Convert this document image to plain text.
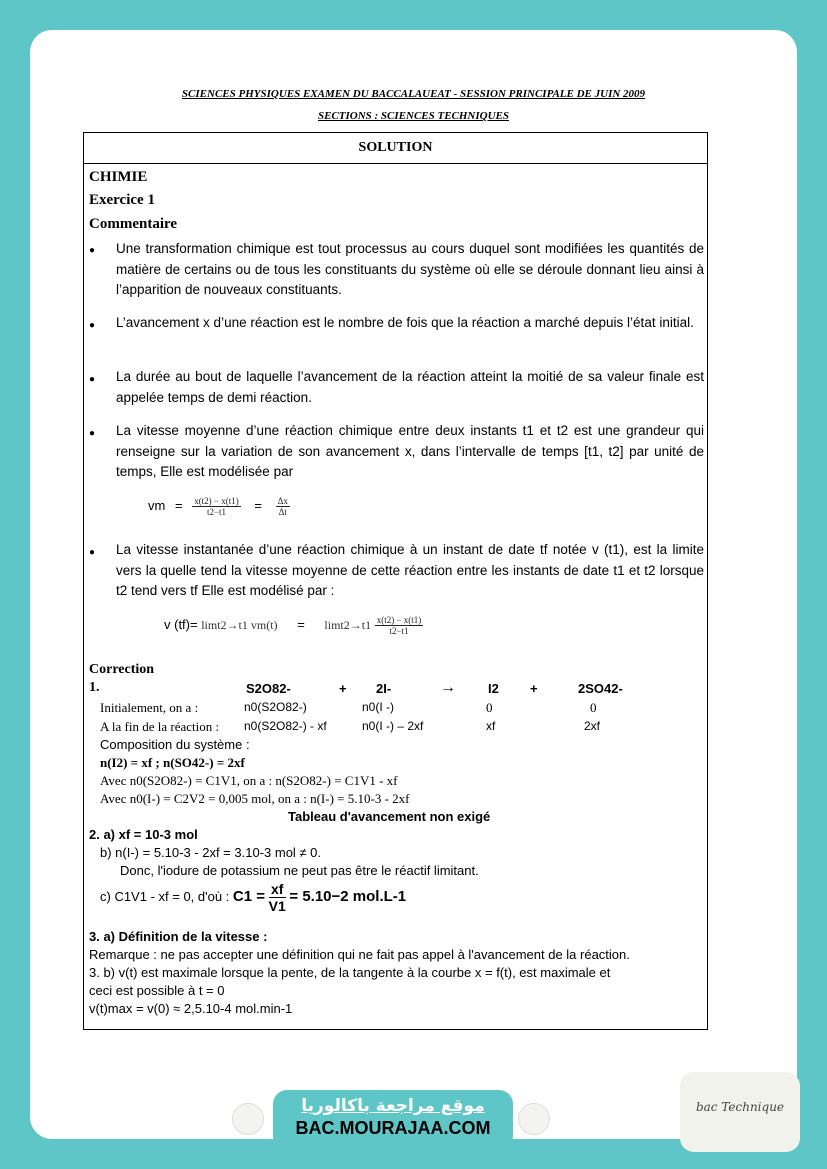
SCIENCES PHYSIQUES EXAMEN DU BACCALAUEAT - SESSION PRINCIPALE DE JUIN 2009
SECTIONS : SCIENCES TECHNIQUES
SOLUTION
CHIMIE
Exercice 1
Commentaire
● Une transformation chimique est tout processus au cours duquel sont modifiées les quantités de matière de certains ou de tous les constituants du système où elle se déroule donnant lieu ainsi à l’apparition de nouveaux constituants.
● L’avancement x d’une réaction est le nombre de fois que la réaction a marché depuis l’état initial.
● La durée au bout de laquelle l’avancement de la réaction atteint la moitié de sa valeur finale est appelée temps de demi réaction.
● La vitesse moyenne d’une réaction chimique entre deux instants t1 et t2 est une grandeur qui renseigne sur la variation de son avancement x, dans l’intervalle de temps [t1, t2] par unité de temps, Elle est modélisée par
vm = $\frac{x(t2) - x(t1)}{t2-t1} = \frac{\Delta x}{\Delta t}$
● La vitesse instantanée d’une réaction chimique à un instant de date tf notée v (t1), est la limite vers la quelle tend la vitesse moyenne de cette réaction entre les instants de date t1 et t2 lorsque t2 tend vers tf Elle est modélisé par :
v (tf)= limt2→t1 $vm(t) = \lim t2\to t1 \frac{x(t2) - x(t1)}{t2-t1}$
Correction
1.	S2O82-	+ 2I-	→ I2 +	2SO42-
Initialement, on a :	n0(S2O82-)	n0(I -)	0	0
A la fin de la réaction : n0(S2O82-) - xf	n0(I -) – 2xf	xf	2xf
Composition du système :
n(I2) = xf ; n(SO42-) = 2xf
Avec n0(S2O82-) = C1V1, on a : n(S2O82-) = C1V1 - xf
Avec n0(I-) = C2V2 = 0,005 mol, on a : n(I-) = 5.10-3 - 2xf
Tableau d'avancement non exigé
2. a) xf = 10-3 mol
b) n(I-) = 5.10-3 - 2xf = 3.10-3 mol ≠ 0.
Donc, l'iodure de potassium ne peut pas être le réactif limitant.
c) C1V1 - xf = 0, d'où : $C1 = \frac{xf}{V1} = 5.10-2$ mol.L-1
3. a) Définition de la vitesse :
Remarque : ne pas accepter une définition qui ne fait pas appel à l'avancement de la réaction.
3. b) v(t) est maximale lorsque la pente, de la tangente à la courbe x = f(t), est maximale et
ceci est possible à t = 0
v(t)max = v(0) ≈ 2,5.10-4 mol.min-1
موقع مراجعة باكالوريا
BAC.MOURAJAA.COM
bac Technique
